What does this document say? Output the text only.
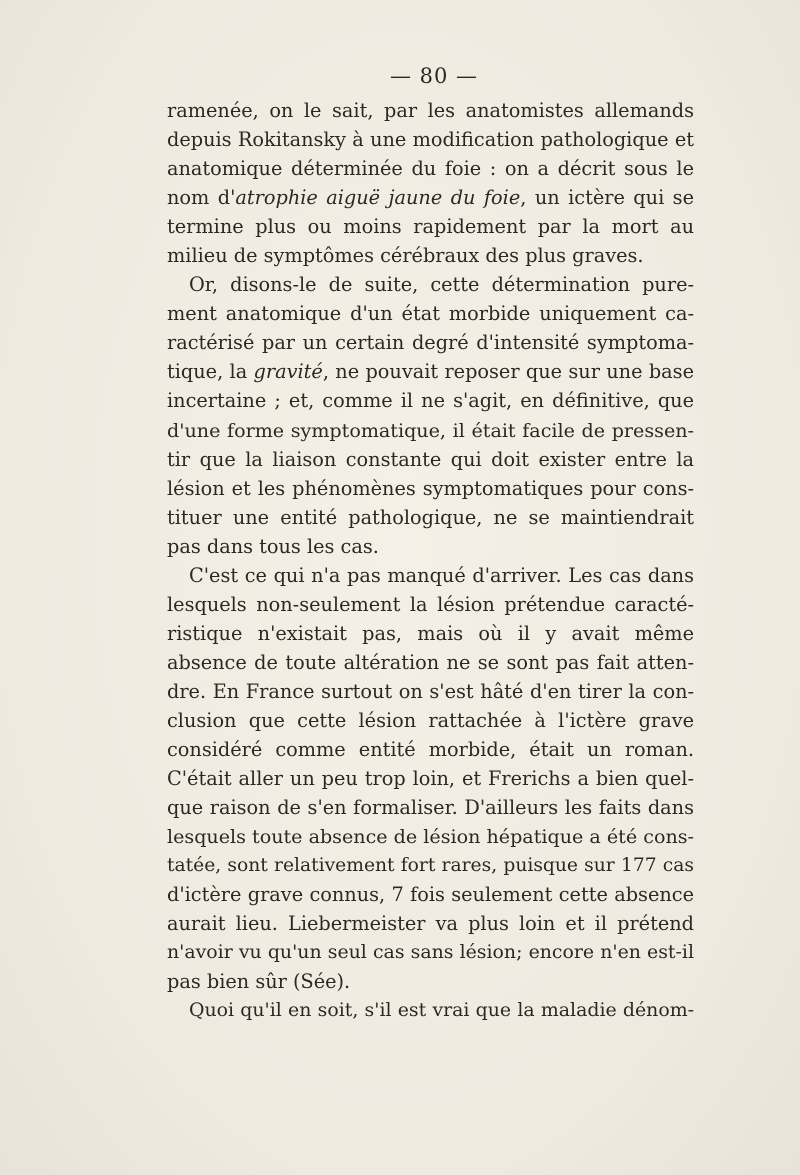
— 80 —
ramenée, on le sait, par les anatomistes allemands
depuis Rokitansky à une modification pathologique et
anatomique déterminée du foie : on a décrit sous le
nom d'atrophie aiguë jaune du foie, un ictère qui se
termine plus ou moins rapidement par la mort au
milieu de symptômes cérébraux des plus graves.
Or, disons-le de suite, cette détermination pure-
ment anatomique d'un état morbide uniquement ca-
ractérisé par un certain degré d'intensité symptoma-
tique, la gravité, ne pouvait reposer que sur une base
incertaine ; et, comme il ne s'agit, en définitive, que
d'une forme symptomatique, il était facile de pressen-
tir que la liaison constante qui doit exister entre la
lésion et les phénomènes symptomatiques pour cons-
tituer une entité pathologique, ne se maintiendrait
pas dans tous les cas.
C'est ce qui n'a pas manqué d'arriver. Les cas dans
lesquels non-seulement la lésion prétendue caracté-
ristique n'existait pas, mais où il y avait même
absence de toute altération ne se sont pas fait atten-
dre. En France surtout on s'est hâté d'en tirer la con-
clusion que cette lésion rattachée à l'ictère grave
considéré comme entité morbide, était un roman.
C'était aller un peu trop loin, et Frerichs a bien quel-
que raison de s'en formaliser. D'ailleurs les faits dans
lesquels toute absence de lésion hépatique a été cons-
tatée, sont relativement fort rares, puisque sur 177 cas
d'ictère grave connus, 7 fois seulement cette absence
aurait lieu. Liebermeister va plus loin et il prétend
n'avoir vu qu'un seul cas sans lésion; encore n'en est-il
pas bien sûr (Sée).
Quoi qu'il en soit, s'il est vrai que la maladie dénom-
